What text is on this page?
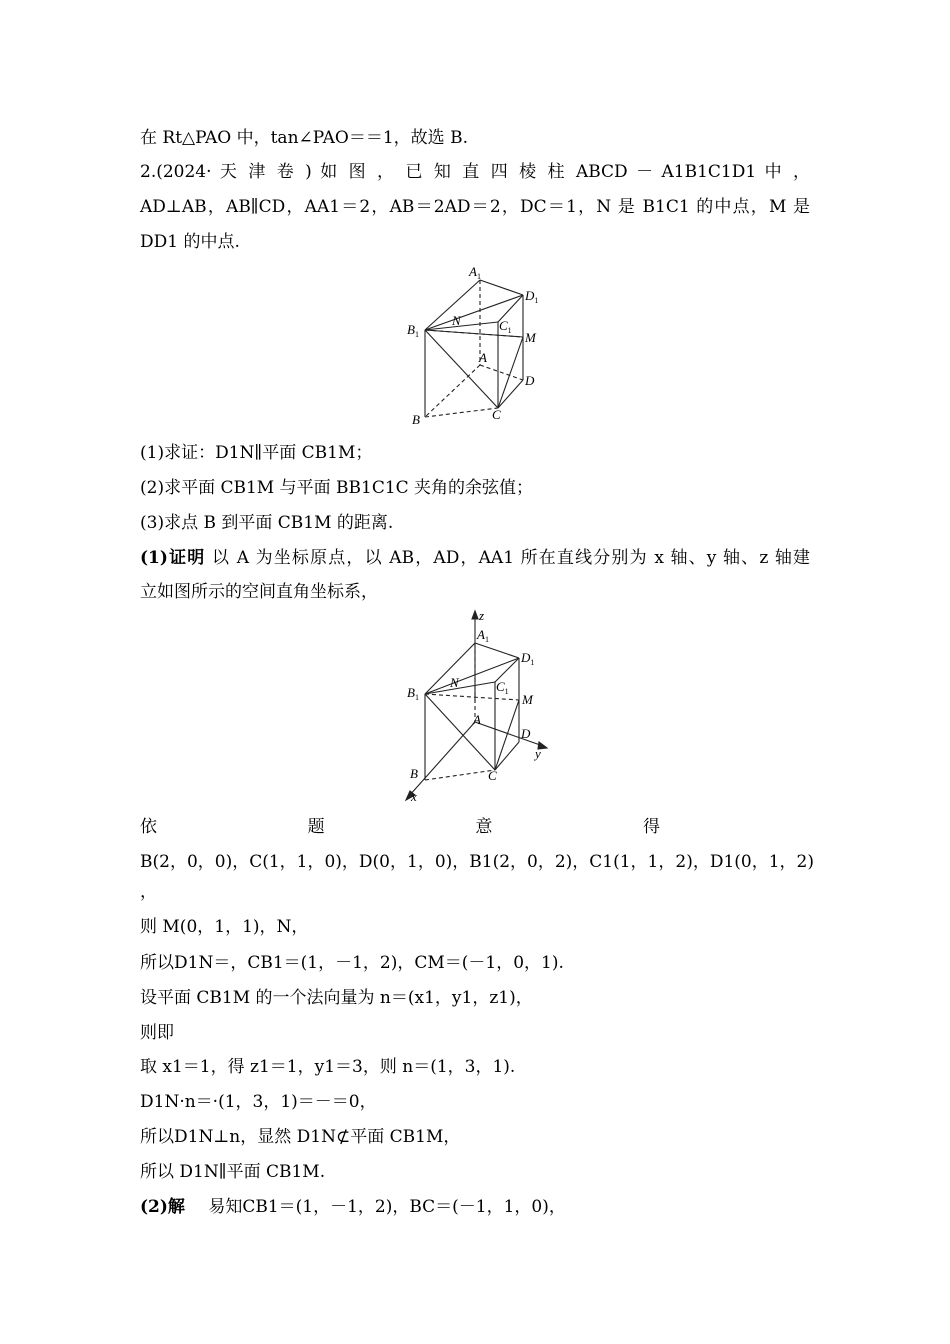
在 Rt△PAO 中，tan∠PAO＝＝1，故选 B.
2.(2024· 天 津 卷 ) 如 图 ， 已 知 直 四 棱 柱 ABCD － A1B1C1D1 中 ，
AD⊥AB，AB∥CD，AA1＝2，AB＝2AD＝2，DC＝1，N 是 B1C1 的中点，M 是
DD1 的中点.
$A_1$
$D_1$
$B_1$
N	$C_1$ M
A
D
B	C
(1)求证：D1N∥平面 CB1M；
(2)求平面 CB1M 与平面 BB1C1C 夹角的余弦值；
(3)求点 B 到平面 CB1M 的距离.
(1)证明 以 A 为坐标原点，以 AB，AD，AA1 所在直线分别为 x 轴、y 轴、z 轴建
立如图所示的空间直角坐标系，
z
$A_1$
$D_1$
$B_1$
N	$C_1$
M
A
D
y
B	C
x
依	题	意	得
B(2，0，0)，C(1，1，0)，D(0，1，0)，B1(2，0，2)，C1(1，1，2)，D1(0，1，2)
，
则 M(0，1，1)，N，
所以D1N＝，CB1＝(1，－1，2)，CM＝(－1，0，1).
设平面 CB1M 的一个法向量为 n＝(x1，y1，z1)，
则即
取 x1＝1，得 z1＝1，y1＝3，则 n＝(1，3，1).
D1N·n＝·(1，3，1)＝－＝0，
所以D1N⊥n，显然 D1N⊄平面 CB1M，
所以 D1N∥平面 CB1M.
(2)解 易知CB1＝(1，－1，2)，BC＝(－1，1，0)，
